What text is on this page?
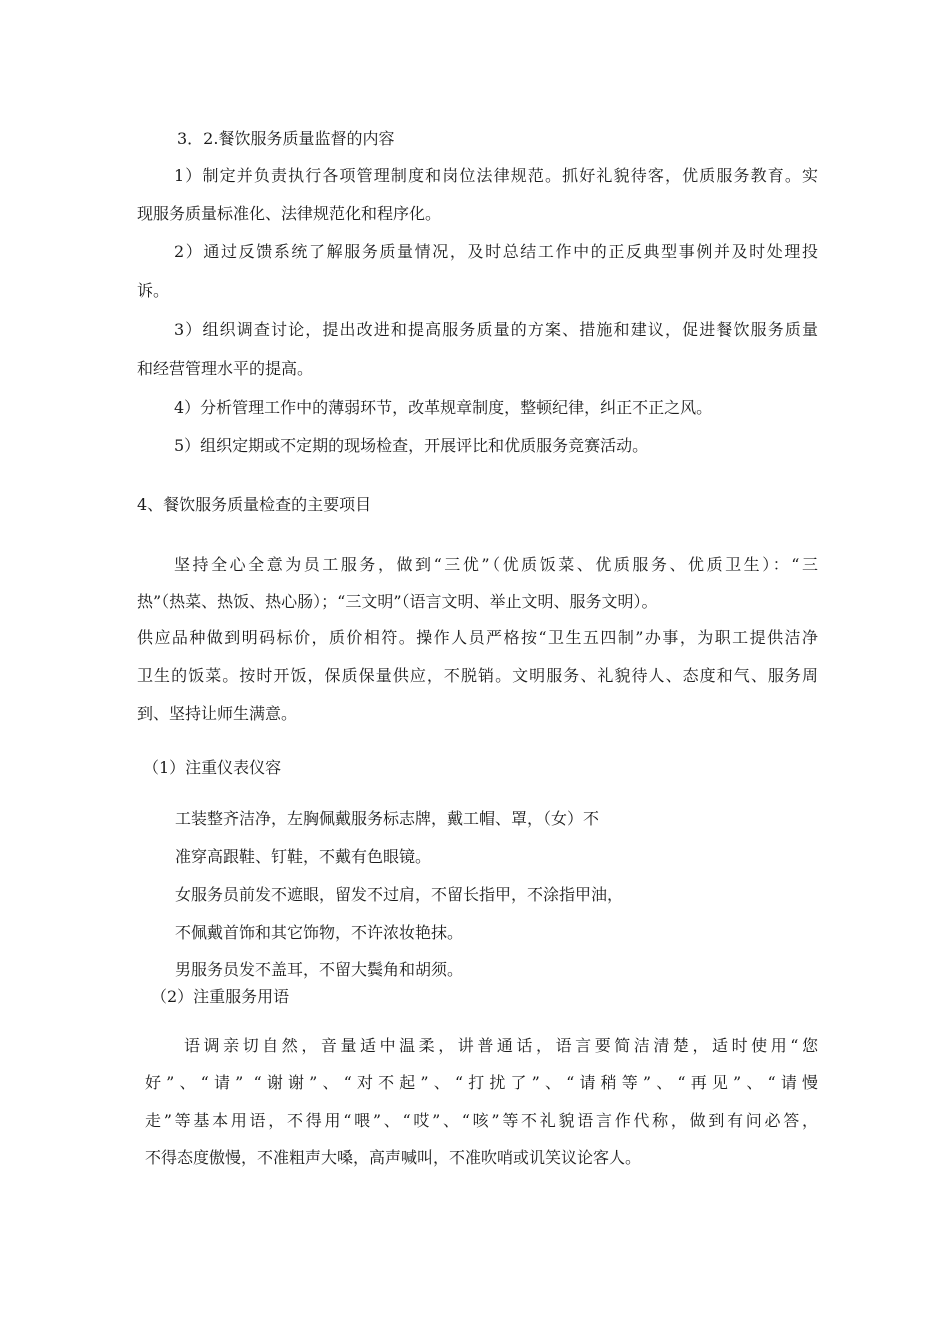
3．2.餐饮服务质量监督的内容
1）制定并负责执行各项管理制度和岗位法律规范。抓好礼貌待客，优质服务教育。实
现服务质量标准化、法律规范化和程序化。
2）通过反馈系统了解服务质量情况，及时总结工作中的正反典型事例并及时处理投
诉。
3）组织调查讨论，提出改进和提高服务质量的方案、措施和建议，促进餐饮服务质量
和经营管理水平的提高。
4）分析管理工作中的薄弱环节，改革规章制度，整顿纪律，纠正不正之风。
5）组织定期或不定期的现场检查，开展评比和优质服务竞赛活动。
4、餐饮服务质量检查的主要项目
坚持全心全意为员工服务，做到“三优”（优质饭菜、优质服务、优质卫生）：“三
热”（热菜、热饭、热心肠）；“三文明”（语言文明、举止文明、服务文明）。
供应品种做到明码标价，质价相符。操作人员严格按“卫生五四制”办事，为职工提供洁净
卫生的饭菜。按时开饭，保质保量供应，不脱销。文明服务、礼貌待人、态度和气、服务周
到、坚持让师生满意。
（1）注重仪表仪容
工装整齐洁净，左胸佩戴服务标志牌，戴工帽、罩，（女）不
准穿高跟鞋、钉鞋，不戴有色眼镜。
女服务员前发不遮眼，留发不过肩，不留长指甲，不涂指甲油，
不佩戴首饰和其它饰物，不许浓妆艳抹。
男服务员发不盖耳，不留大鬓角和胡须。
（2）注重服务用语
语调亲切自然，音量适中温柔，讲普通话，语言要简洁清楚，适时使用“您
好”、“请” “谢谢”、“对不起”、“打扰了”、“请稍等”、“再见”、“请慢
走”等基本用语，不得用“喂”、“哎”、“咳”等不礼貌语言作代称，做到有问必答，
不得态度傲慢，不准粗声大嗓，高声喊叫，不准吹哨或讥笑议论客人。
